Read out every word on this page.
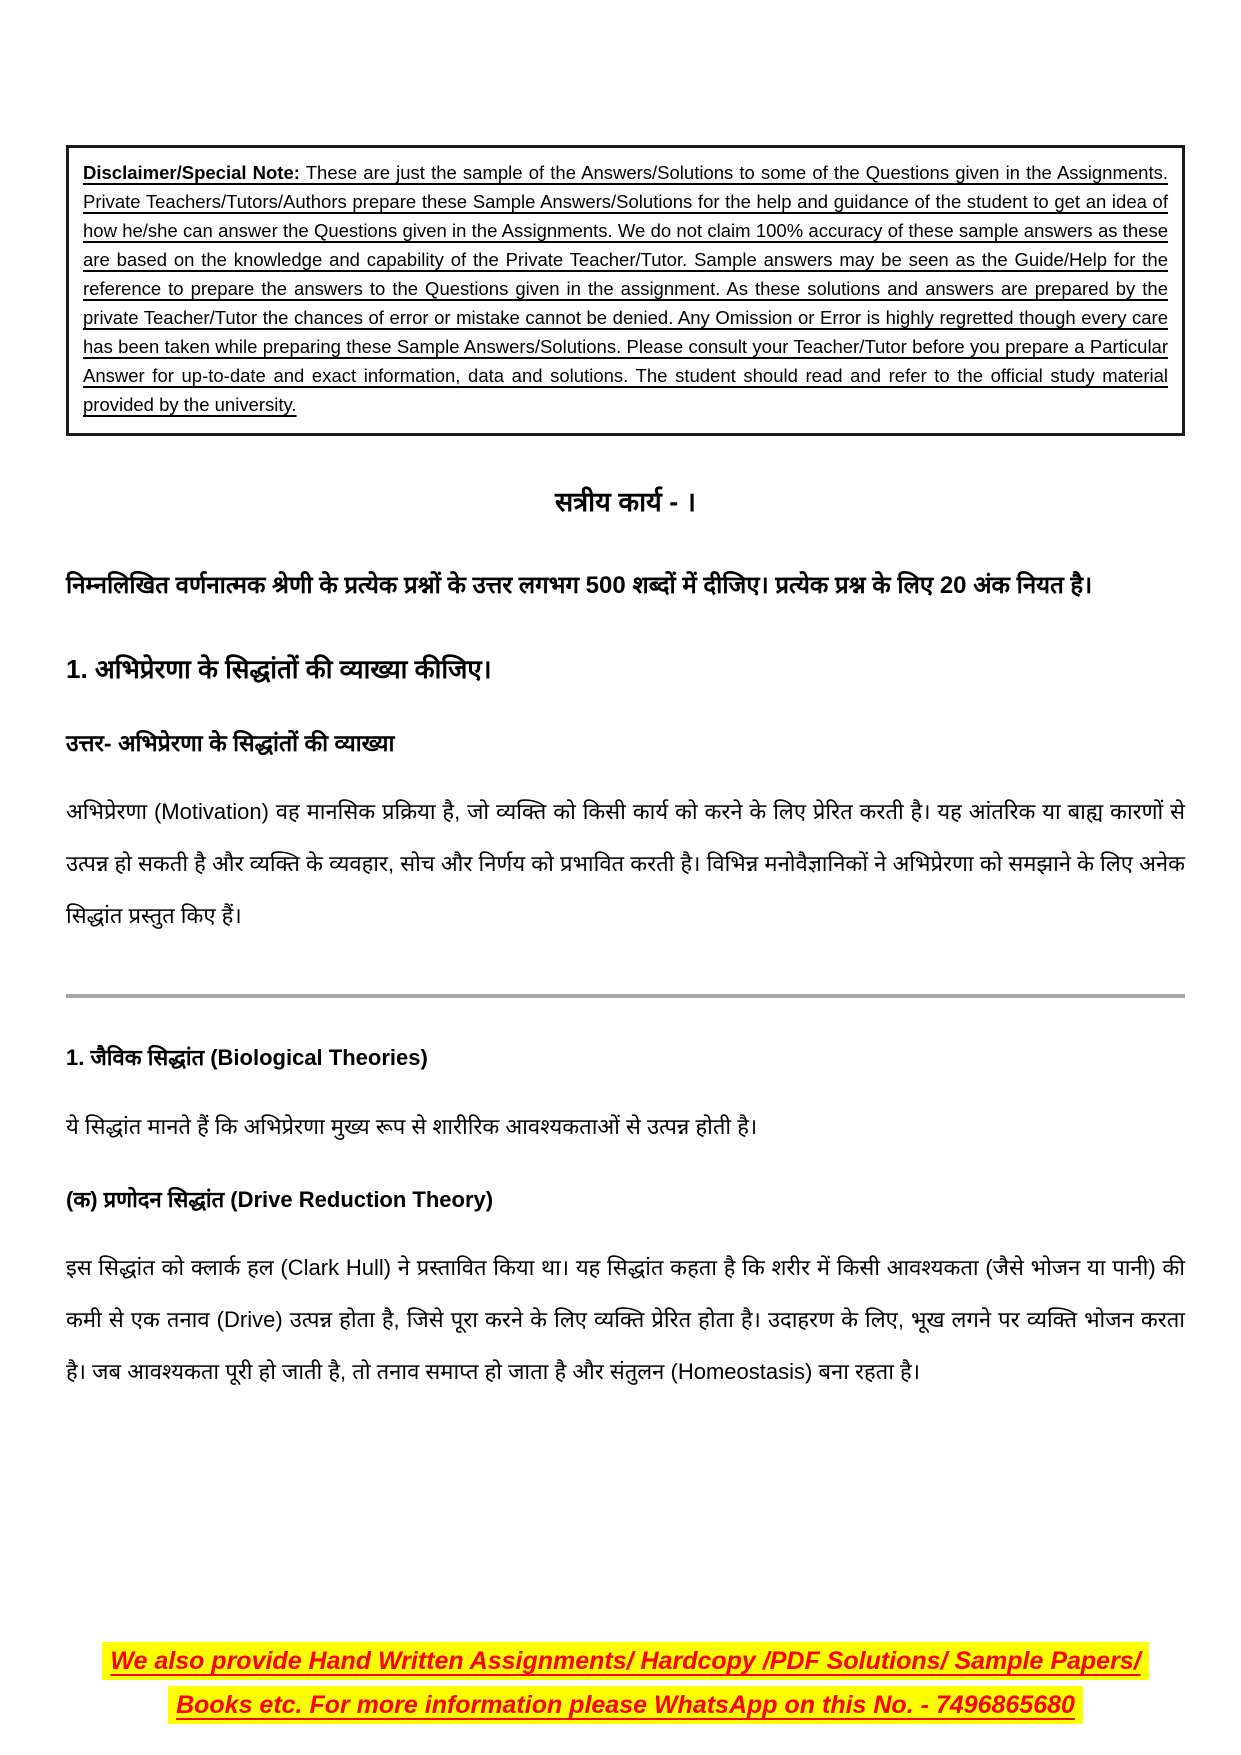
Disclaimer/Special Note: These are just the sample of the Answers/Solutions to some of the Questions given in the Assignments. Private Teachers/Tutors/Authors prepare these Sample Answers/Solutions for the help and guidance of the student to get an idea of how he/she can answer the Questions given in the Assignments. We do not claim 100% accuracy of these sample answers as these are based on the knowledge and capability of the Private Teacher/Tutor. Sample answers may be seen as the Guide/Help for the reference to prepare the answers to the Questions given in the assignment. As these solutions and answers are prepared by the private Teacher/Tutor the chances of error or mistake cannot be denied. Any Omission or Error is highly regretted though every care has been taken while preparing these Sample Answers/Solutions. Please consult your Teacher/Tutor before you prepare a Particular Answer for up-to-date and exact information, data and solutions. The student should read and refer to the official study material provided by the university.

सत्रीय कार्य - ।

निम्नलिखित वर्णनात्मक श्रेणी के प्रत्येक प्रश्नों के उत्तर लगभग 500 शब्दों में दीजिए। प्रत्येक प्रश्न के लिए 20 अंक नियत है।

1. अभिप्रेरणा के सिद्धांतों की व्याख्या कीजिए।
उत्तर- अभिप्रेरणा के सिद्धांतों की व्याख्या

अभिप्रेरणा (Motivation) वह मानसिक प्रक्रिया है, जो व्यक्ति को किसी कार्य को करने के लिए प्रेरित करती है। यह आंतरिक या बाह्य कारणों से उत्पन्न हो सकती है और व्यक्ति के व्यवहार, सोच और निर्णय को प्रभावित करती है। विभिन्न मनोवैज्ञानिकों ने अभिप्रेरणा को समझाने के लिए अनेक सिद्धांत प्रस्तुत किए हैं।

1. जैविक सिद्धांत (Biological Theories)

ये सिद्धांत मानते हैं कि अभिप्रेरणा मुख्य रूप से शारीरिक आवश्यकताओं से उत्पन्न होती है।

(क) प्रणोदन सिद्धांत (Drive Reduction Theory)

इस सिद्धांत को क्लार्क हल (Clark Hull) ने प्रस्तावित किया था। यह सिद्धांत कहता है कि शरीर में किसी आवश्यकता (जैसे भोजन या पानी) की कमी से एक तनाव (Drive) उत्पन्न होता है, जिसे पूरा करने के लिए व्यक्ति प्रेरित होता है। उदाहरण के लिए, भूख लगने पर व्यक्ति भोजन करता है। जब आवश्यकता पूरी हो जाती है, तो तनाव समाप्त हो जाता है और संतुलन (Homeostasis) बना रहता है।

We also provide Hand Written Assignments/ Hardcopy /PDF Solutions/ Sample Papers/
Books etc. For more information please WhatsApp on this No. - 7496865680
